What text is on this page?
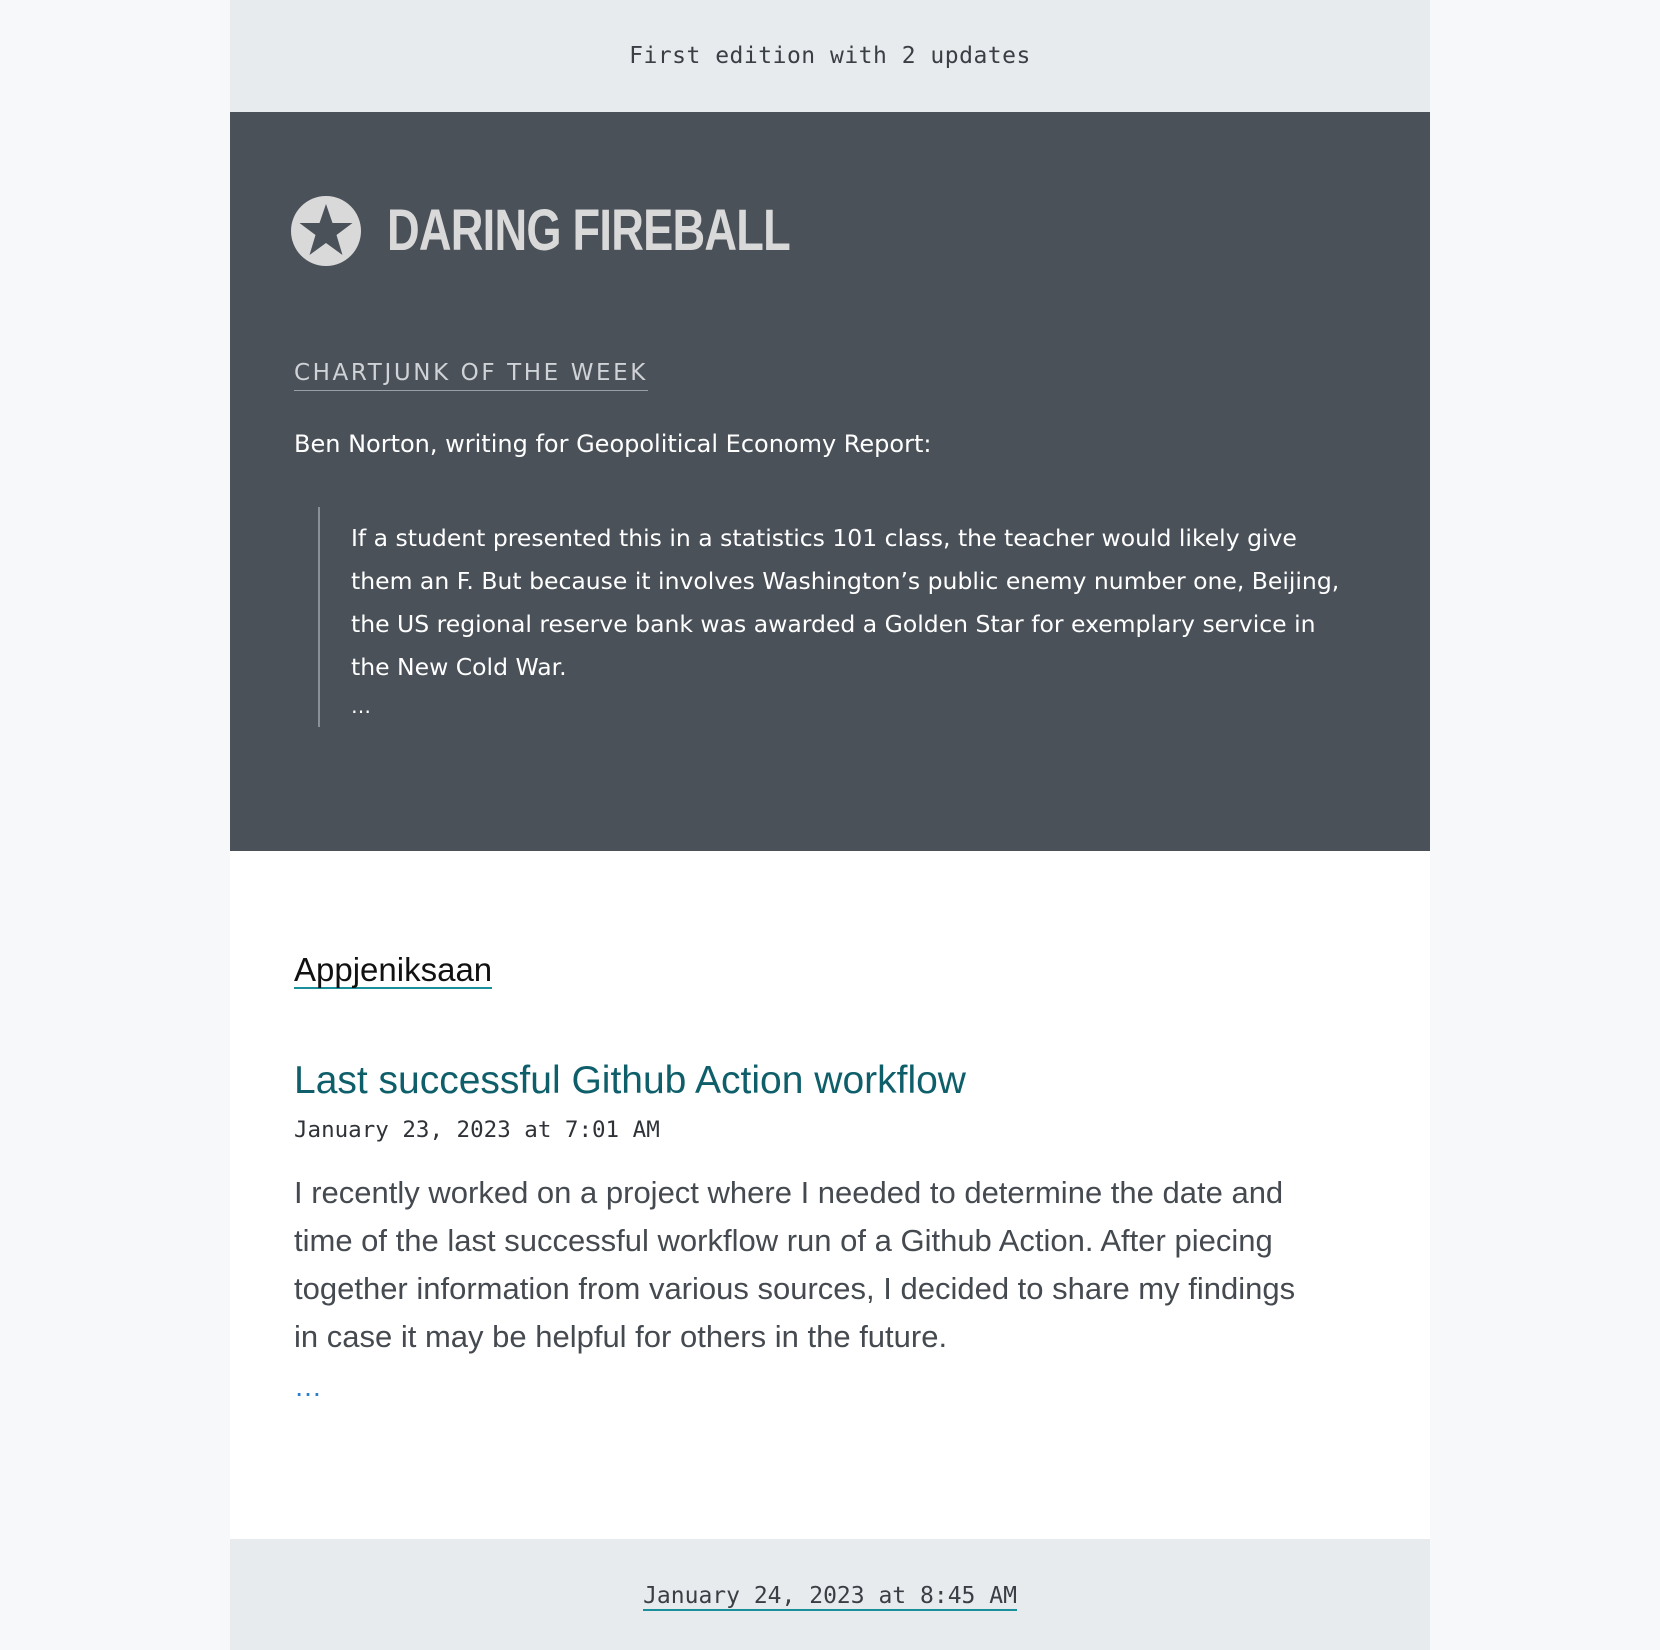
First edition with 2 updates
DARING FIREBALL
CHARTJUNK OF THE WEEK
Ben Norton, writing for Geopolitical Economy Report:

If a student presented this in a statistics 101 class, the teacher would likely give

them an F. But because it involves Washington’s public enemy number one, Beijing,

the US regional reserve bank was awarded a Golden Star for exemplary service in

the New Cold War.

…
Appjeniksaan
Last successful Github Action workflow
January 23, 2023 at 7:01 AM
I recently worked on a project where I needed to determine the date and
time of the last successful workflow run of a Github Action. After piecing
together information from various sources, I decided to share my findings
in case it may be helpful for others in the future.
…
January 24, 2023 at 8:45 AM
